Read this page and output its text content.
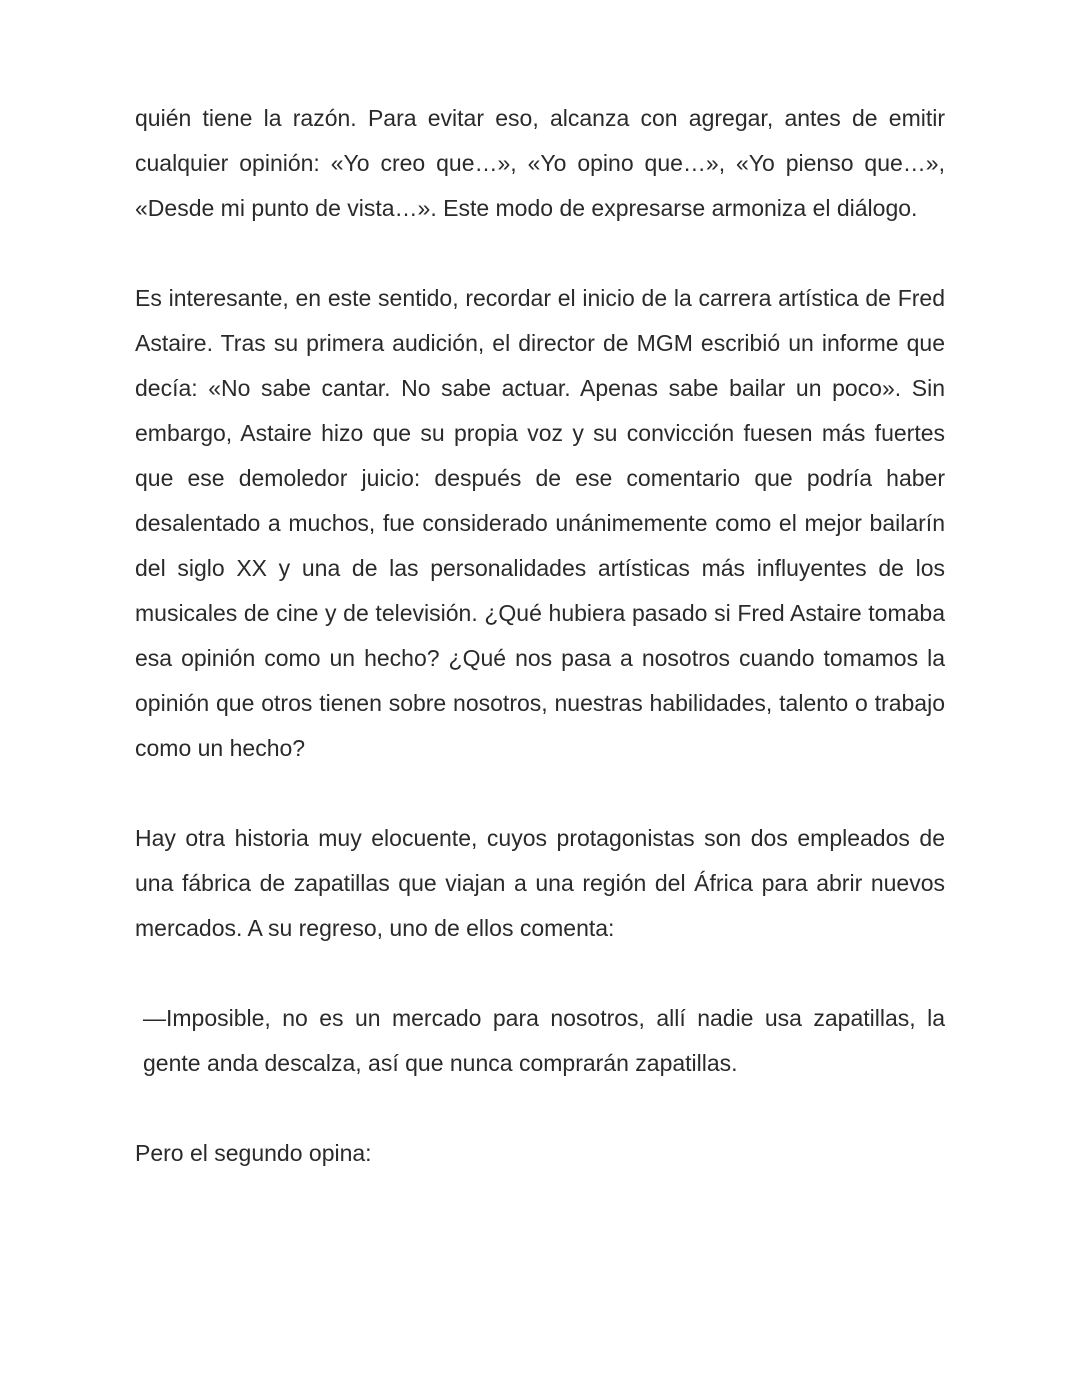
quién tiene la razón. Para evitar eso, alcanza con agregar, antes de emitir cualquier opinión: «Yo creo que…», «Yo opino que…», «Yo pienso que…», «Desde mi punto de vista…». Este modo de expresarse armoniza el diálogo.

Es interesante, en este sentido, recordar el inicio de la carrera artística de Fred Astaire. Tras su primera audición, el director de MGM escribió un informe que decía: «No sabe cantar. No sabe actuar. Apenas sabe bailar un poco». Sin embargo, Astaire hizo que su propia voz y su convicción fuesen más fuertes que ese demoledor juicio: después de ese comentario que podría haber desalentado a muchos, fue considerado unánimemente como el mejor bailarín del siglo XX y una de las personalidades artísticas más influyentes de los musicales de cine y de televisión. ¿Qué hubiera pasado si Fred Astaire tomaba esa opinión como un hecho? ¿Qué nos pasa a nosotros cuando tomamos la opinión que otros tienen sobre nosotros, nuestras habilidades, talento o trabajo como un hecho?

Hay otra historia muy elocuente, cuyos protagonistas son dos empleados de una fábrica de zapatillas que viajan a una región del África para abrir nuevos mercados. A su regreso, uno de ellos comenta:

—Imposible, no es un mercado para nosotros, allí nadie usa zapatillas, la gente anda descalza, así que nunca comprarán zapatillas.

Pero el segundo opina:
